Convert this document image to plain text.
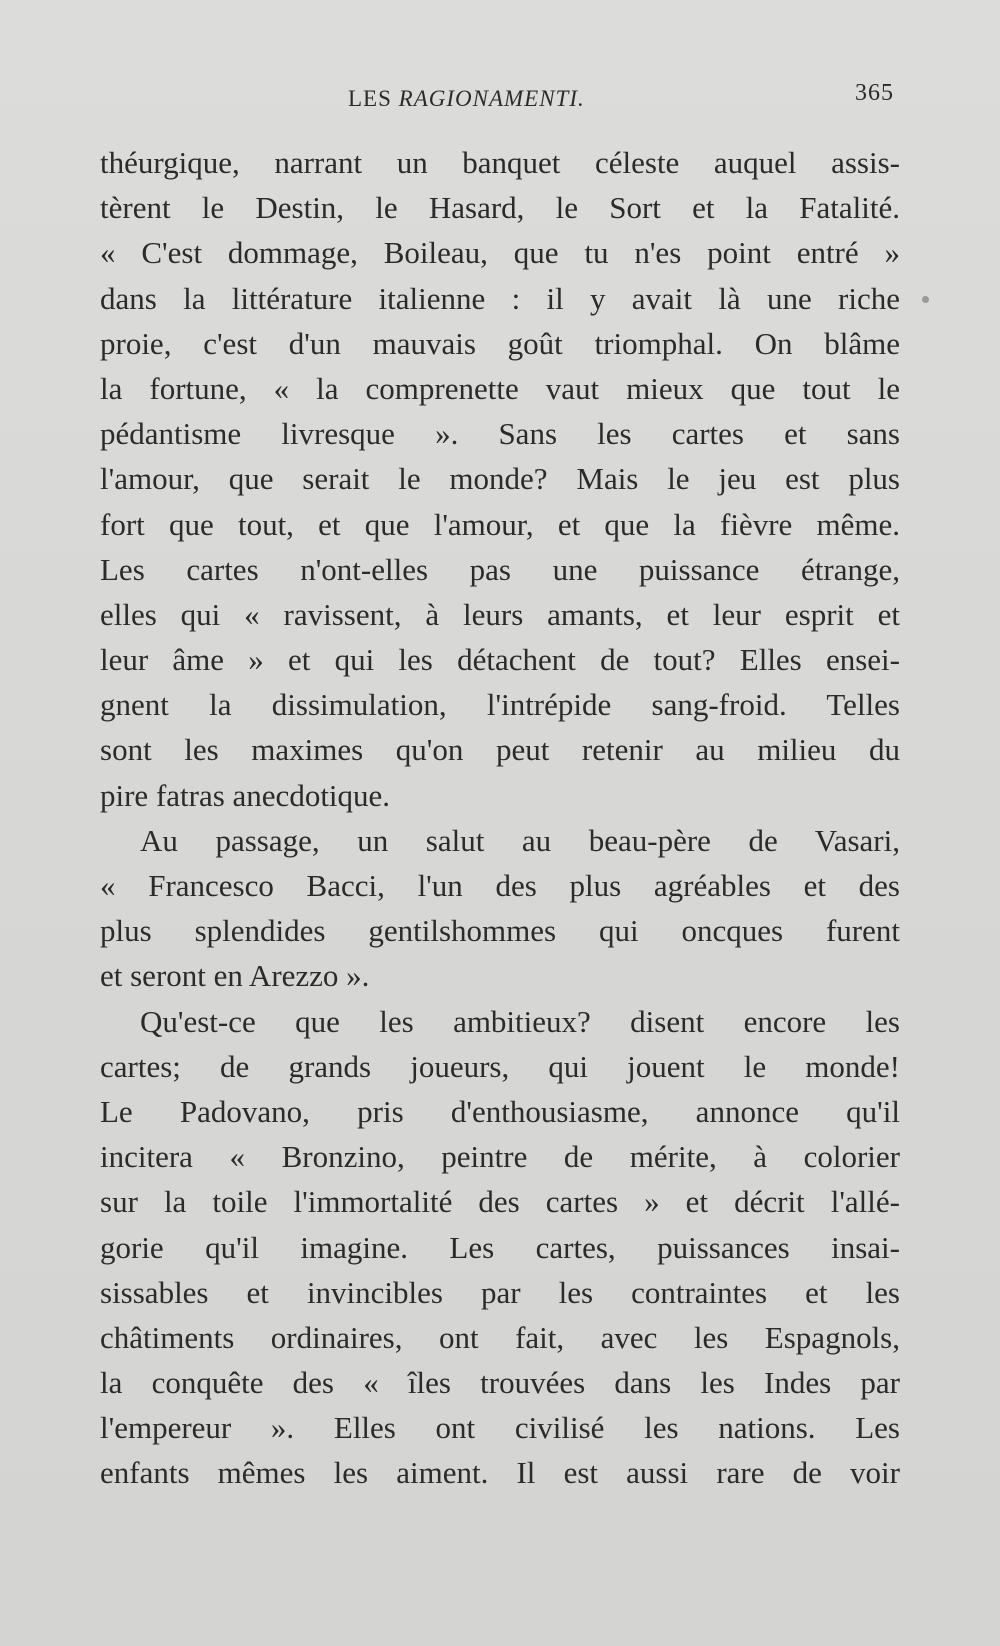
LES RAGIONAMENTI.	365
théurgique, narrant un banquet céleste auquel assis-
tèrent le Destin, le Hasard, le Sort et la Fatalité.
« C'est dommage, Boileau, que tu n'es point entré »
dans la littérature italienne : il y avait là une riche
proie, c'est d'un mauvais goût triomphal. On blâme
la fortune, « la comprenette vaut mieux que tout le
pédantisme livresque ». Sans les cartes et sans
l'amour, que serait le monde? Mais le jeu est plus
fort que tout, et que l'amour, et que la fièvre même.
Les cartes n'ont-elles pas une puissance étrange,
elles qui « ravissent, à leurs amants, et leur esprit et
leur âme » et qui les détachent de tout? Elles ensei-
gnent la dissimulation, l'intrépide sang-froid. Telles
sont les maximes qu'on peut retenir au milieu du
pire fatras anecdotique.
Au passage, un salut au beau-père de Vasari,
« Francesco Bacci, l'un des plus agréables et des
plus splendides gentilshommes qui oncques furent
et seront en Arezzo ».
Qu'est-ce que les ambitieux? disent encore les
cartes; de grands joueurs, qui jouent le monde!
Le Padovano, pris d'enthousiasme, annonce qu'il
incitera « Bronzino, peintre de mérite, à colorier
sur la toile l'immortalité des cartes » et décrit l'allé-
gorie qu'il imagine. Les cartes, puissances insai-
sissables et invincibles par les contraintes et les
châtiments ordinaires, ont fait, avec les Espagnols,
la conquête des « îles trouvées dans les Indes par
l'empereur ». Elles ont civilisé les nations. Les
enfants mêmes les aiment. Il est aussi rare de voir
